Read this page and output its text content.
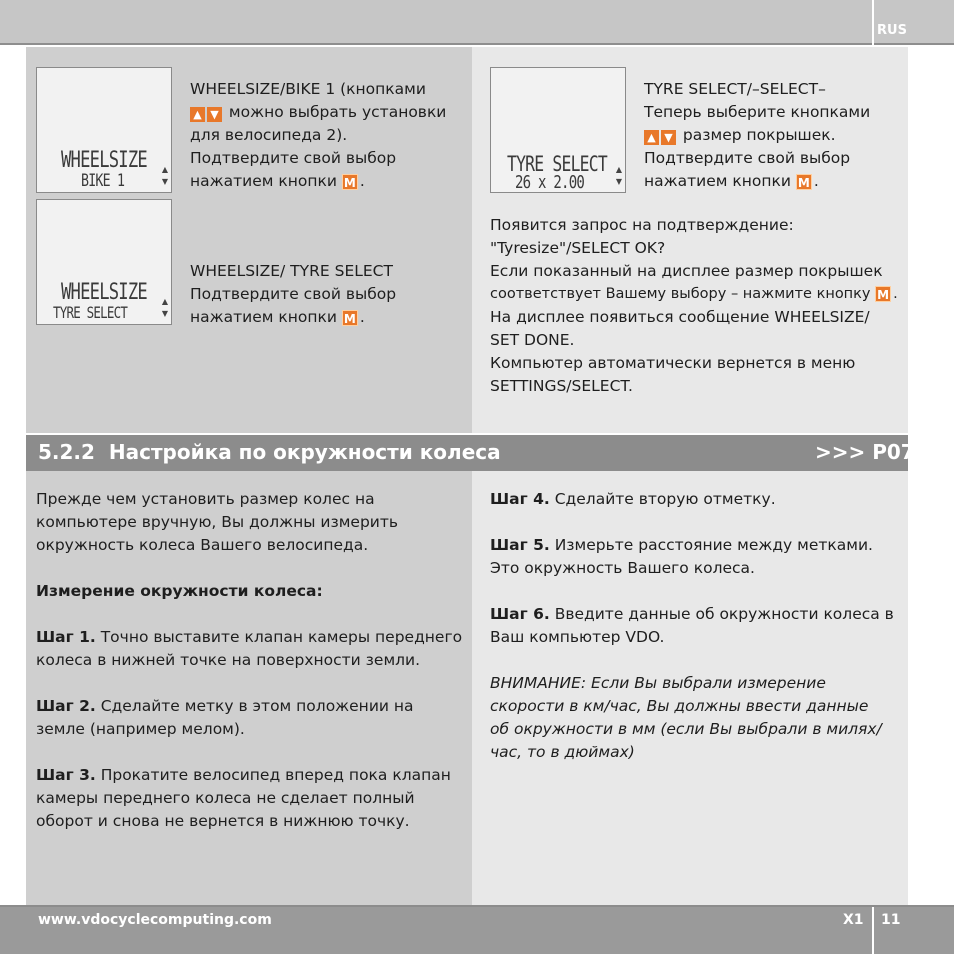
RUS
WHEELSIZE
BIKE 1
▲
▼
WHEELSIZE
TYRE SELECT
▲
▼
TYRE SELECT
26 x 2.00
▲
▼

WHEELSIZE/BIKE 1 (кнопками

▲ ▼ можно выбрать установки

для велосипеда 2).

Подтвердите свой выбор

нажатием кнопки M .

WHEELSIZE/ TYRE SELECT

Подтвердите свой выбор

нажатием кнопки M .

TYRE SELECT/–SELECT–

Теперь выберите кнопками

▲ ▼ размер покрышек.

Подтвердите свой выбор

нажатием кнопки M .

Появится запрос на подтверждение:

"Tyresize"/SELECT OK?

Если показанный на дисплее размер покрышек

соответствует Вашему выбору – нажмите кнопку M .

На дисплее появиться сообщение WHEELSIZE/

SET DONE.

Компьютер автоматически вернется в меню

SETTINGS/SELECT.

5.2.2  Настройка по окружности колеса	>>> P07

Прежде чем установить размер колес на

компьютере вручную, Вы должны измерить

окружность колеса Вашего велосипеда.

Измерение окружности колеса:

Шаг 1. Точно выставите клапан камеры переднего

колеса в нижней точке на поверхности земли.

Шаг 2. Сделайте метку в этом положении на

земле (например мелом).

Шаг 3. Прокатите велосипед вперед пока клапан

камеры переднего колеса не сделает полный

оборот и снова не вернется в нижнюю точку.

Шаг 4. Сделайте вторую отметку.

Шаг 5. Измерьте расстояние между метками.

Это окружность Вашего колеса.

Шаг 6. Введите данные об окружности колеса в

Ваш компьютер VDO.

ВНИМАНИЕ: Если Вы выбрали измерение

скорости в км/час, Вы должны ввести данные

об окружности в мм (если Вы выбрали в милях/

час, то в дюймах)

www.vdocyclecomputing.com	X1 11
